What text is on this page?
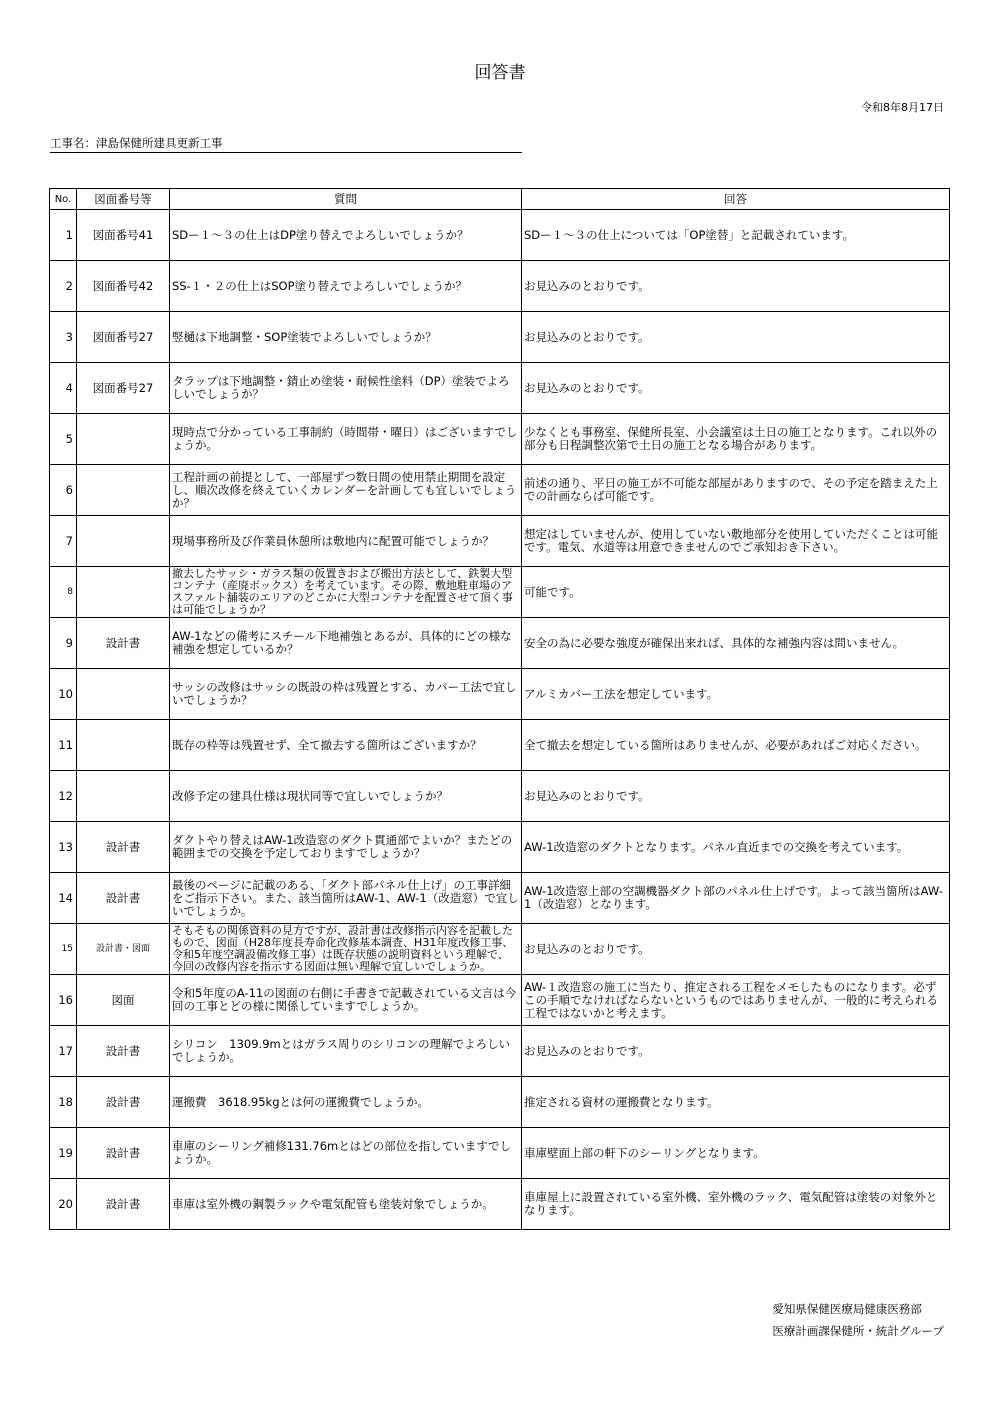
回答書
令和8年8月17日
工事名：津島保健所建具更新工事
No.	図面番号等	質問	回答
1	図面番号41	SDー１～３の仕上はDP塗り替えでよろしいでしょうか？	SDー１～３の仕上については「OP塗替」と記載されています。
2	図面番号42	SS-１・２の仕上はSOP塗り替えでよろしいでしょうか？	お見込みのとおりです。
3	図面番号27	竪樋は下地調整・SOP塗装でよろしいでしょうか？	お見込みのとおりです。
4	図面番号27	タラップは下地調整・錆止め塗装・耐候性塗料（DP）塗装でよろしいでしょうか？	お見込みのとおりです。
5		現時点で分かっている工事制約（時間帯・曜日）はございますでしょうか。	少なくとも事務室、保健所長室、小会議室は土日の施工となります。これ以外の部分も日程調整次第で土日の施工となる場合があります。
6		工程計画の前提として、一部屋ずつ数日間の使用禁止期間を設定し、順次改修を終えていくカレンダーを計画しても宜しいでしょうか？	前述の通り、平日の施工が不可能な部屋がありますので、その予定を踏まえた上での計画ならば可能です。
7		現場事務所及び作業員休憩所は敷地内に配置可能でしょうか？	想定はしていませんが、使用していない敷地部分を使用していただくことは可能です。電気、水道等は用意できませんのでご承知おき下さい。
8		撤去したサッシ・ガラス類の仮置きおよび搬出方法として、鉄製大型コンテナ（産廃ボックス）を考えています。その際、敷地駐車場のアスファルト舗装のエリアのどこかに大型コンテナを配置させて頂く事は可能でしょうか？	可能です。
9	設計書	AW-1などの備考にスチール下地補強とあるが、具体的にどの様な補強を想定しているか？	安全の為に必要な強度が確保出来れば、具体的な補強内容は問いません。
10		サッシの改修はサッシの既設の枠は残置とする、カバー工法で宜しいでしょうか？	アルミカバー工法を想定しています。
11		既存の枠等は残置せず、全て撤去する箇所はございますか？	全て撤去を想定している箇所はありませんが、必要があればご対応ください。
12		改修予定の建具仕様は現状同等で宜しいでしょうか？	お見込みのとおりです。
13	設計書	ダクトやり替えはAW-1改造窓のダクト貫通部でよいか？またどの範囲までの交換を予定しておりますでしょうか？	AW-1改造窓のダクトとなります。パネル直近までの交換を考えています。
14	設計書	最後のページに記載のある、「ダクト部パネル仕上げ」の工事詳細をご指示下さい。また、該当箇所はAW-1、AW-1（改造窓）で宜しいでしょうか。	AW-1改造窓上部の空調機器ダクト部のパネル仕上げです。よって該当箇所はAW-1（改造窓）となります。
15	設計書・図面	そもそもの関係資料の見方ですが、設計書は改修指示内容を記載したもので、図面（H28年度長寿命化改修基本調査、H31年度改修工事、令和5年度空調設備改修工事）は既存状態の説明資料という理解で、今回の改修内容を指示する図面は無い理解で宜しいでしょうか。	お見込みのとおりです。
16	図面	令和5年度のA-11の図面の右側に手書きで記載されている文言は今回の工事とどの様に関係していますでしょうか。	AW-１改造窓の施工に当たり、推定される工程をメモしたものになります。必ずこの手順でなければならないというものではありませんが、一般的に考えられる工程ではないかと考えます。
17	設計書	シリコン　1309.9mとはガラス周りのシリコンの理解でよろしいでしょうか。	お見込みのとおりです。
18	設計書	運搬費　3618.95kgとは何の運搬費でしょうか。	推定される資材の運搬費となります。
19	設計書	車庫のシーリング補修131.76mとはどの部位を指していますでしょうか。	車庫壁面上部の軒下のシーリングとなります。
20	設計書	車庫は室外機の鋼製ラックや電気配管も塗装対象でしょうか。	車庫屋上に設置されている室外機、室外機のラック、電気配管は塗装の対象外となります。
愛知県保健医療局健康医務部
医療計画課保健所・統計グループ
